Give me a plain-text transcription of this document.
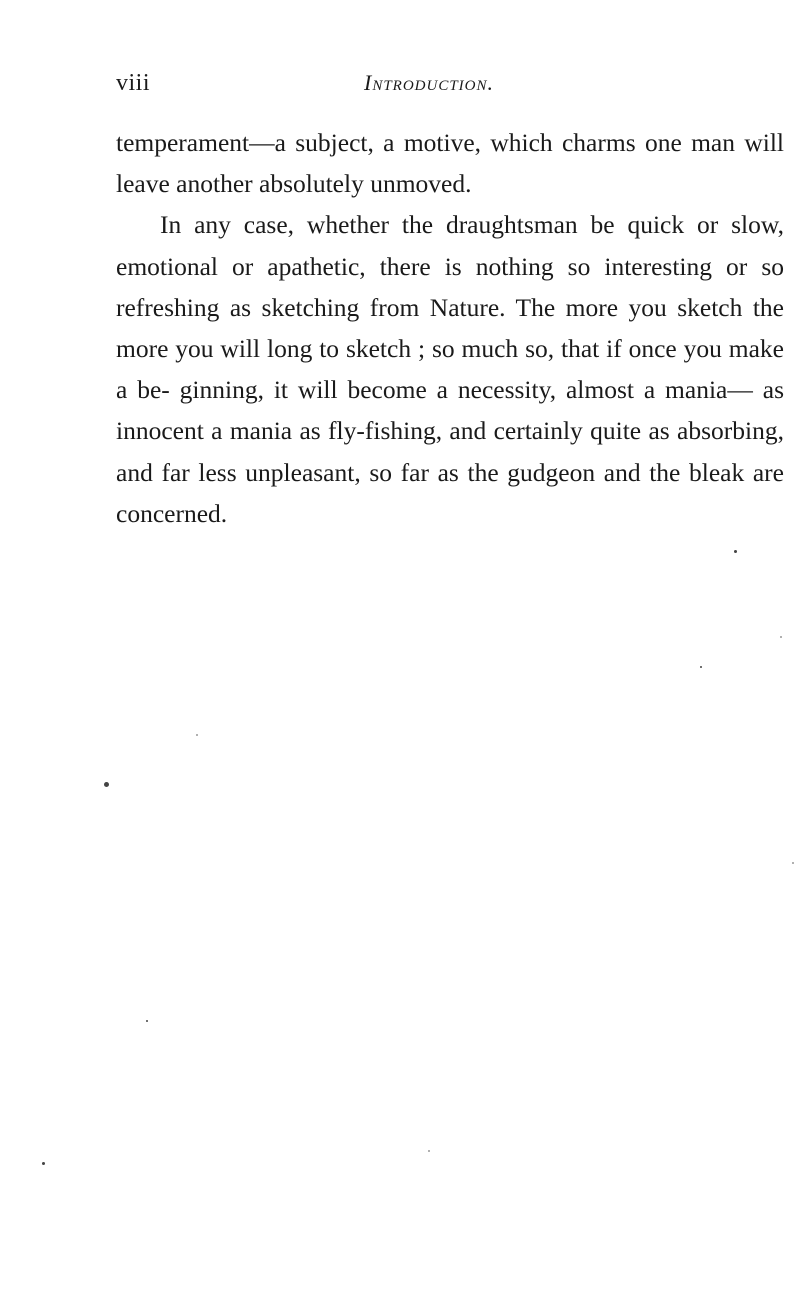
viii	Introduction.

temperament—a subject, a motive, which charms one man will leave another absolutely unmoved.

In any case, whether the draughtsman be quick or slow, emotional or apathetic, there is nothing so interesting or so refreshing as sketching from Nature. The more you sketch the more you will long to sketch ; so much so, that if once you make a be- ginning, it will become a necessity, almost a mania— as innocent a mania as fly-fishing, and certainly quite as absorbing, and far less unpleasant, so far as the gudgeon and the bleak are concerned.
